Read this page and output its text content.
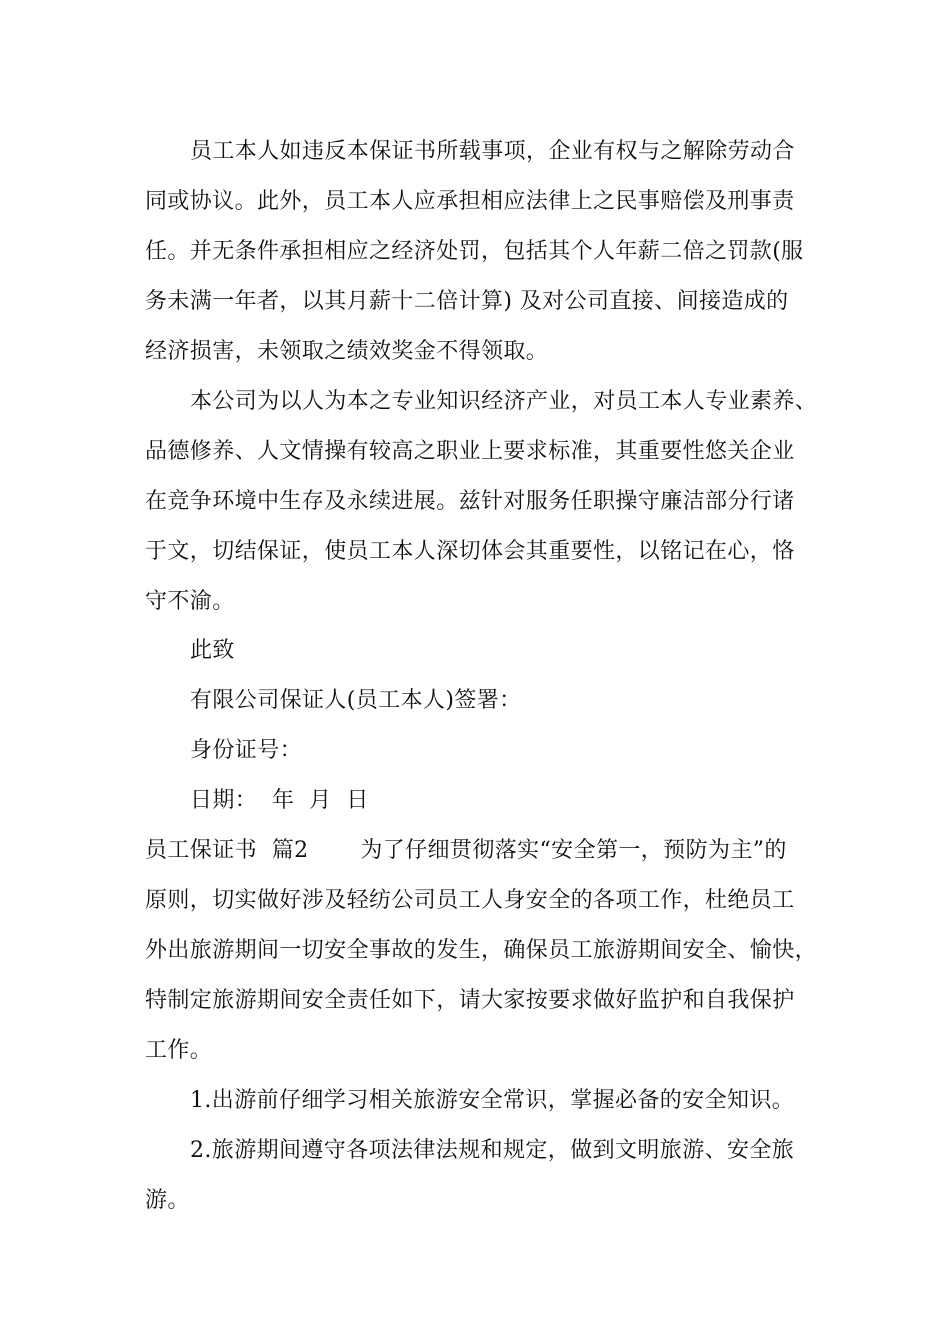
员工本人如违反本保证书所载事项，企业有权与之解除劳动合
同或协议。此外，员工本人应承担相应法律上之民事赔偿及刑事责
任。并无条件承担相应之经济处罚，包括其个人年薪二倍之罚款(服
务未满一年者，以其月薪十二倍计算) 及对公司直接、间接造成的
经济损害，未领取之绩效奖金不得领取。
本公司为以人为本之专业知识经济产业，对员工本人专业素养、
品德修养、人文情操有较高之职业上要求标准，其重要性悠关企业
在竞争环境中生存及永续进展。兹针对服务任职操守廉洁部分行诸
于文，切结保证，使员工本人深切体会其重要性，以铭记在心，恪
守不渝。
此致
有限公司保证人(员工本人)签署：
身份证号：
日期：  年  月  日
员工保证书  篇2       为了仔细贯彻落实“安全第一，预防为主”的
原则，切实做好涉及轻纺公司员工人身安全的各项工作，杜绝员工
外出旅游期间一切安全事故的发生，确保员工旅游期间安全、愉快，
特制定旅游期间安全责任如下，请大家按要求做好监护和自我保护
工作。
1.出游前仔细学习相关旅游安全常识，掌握必备的安全知识。
2.旅游期间遵守各项法律法规和规定，做到文明旅游、安全旅
游。
